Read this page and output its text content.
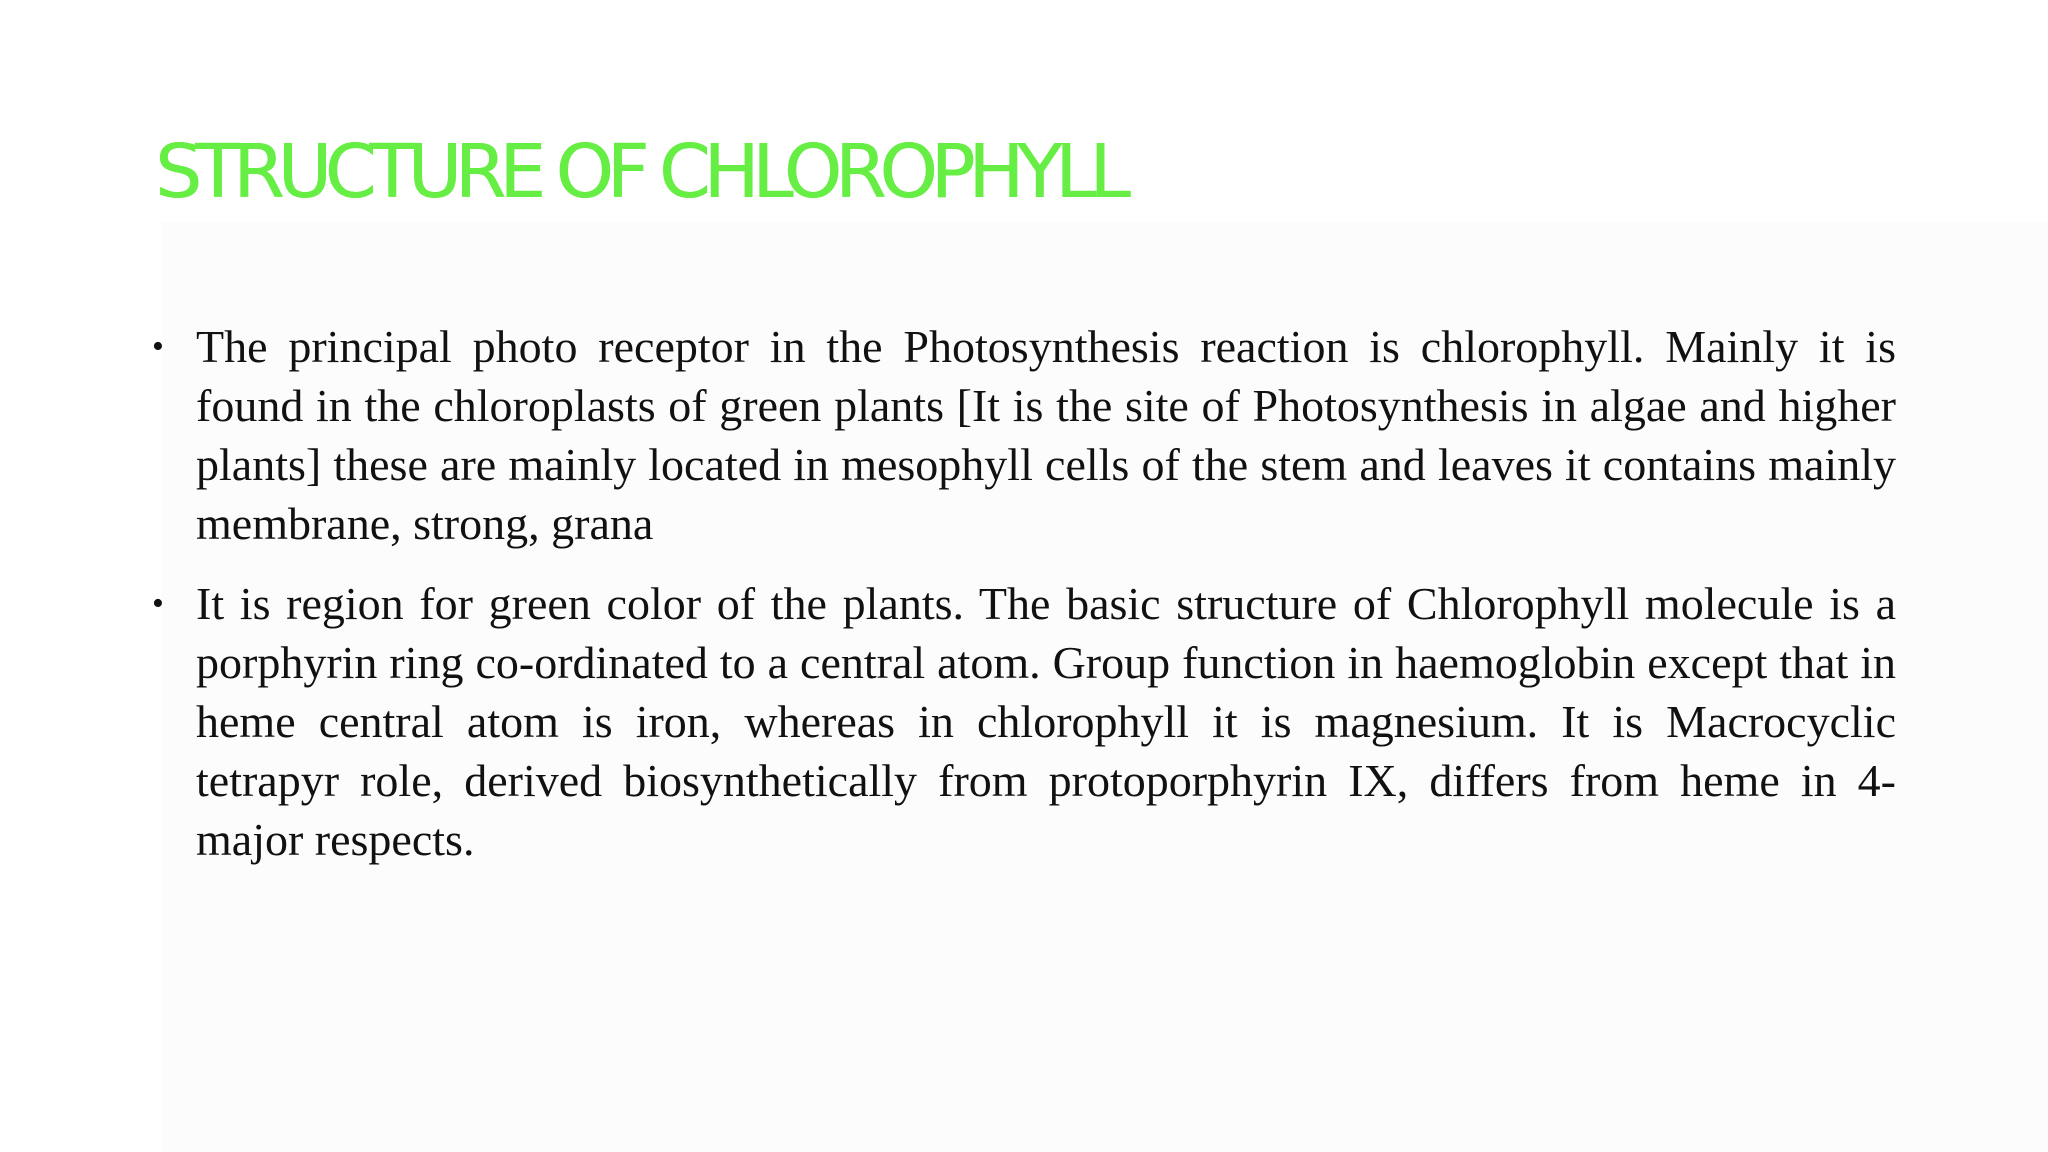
STRUCTURE OF CHLOROPHYLL
• The principal photo receptor in the Photosynthesis reaction is chlorophyll. Mainly it is found in the chloroplasts of green plants [It is the site of Photosynthesis in algae and higher plants] these are mainly located in mesophyll cells of the stem and leaves it contains mainly membrane, strong, grana
• It is region for green color of the plants. The basic structure of Chlorophyll molecule is a porphyrin ring co-ordinated to a central atom. Group function in haemoglobin except that in heme central atom is iron, whereas in chlorophyll it is magnesium. It is Macrocyclic tetrapyr role, derived biosynthetically from protoporphyrin IX, differs from heme in 4-major respects.
